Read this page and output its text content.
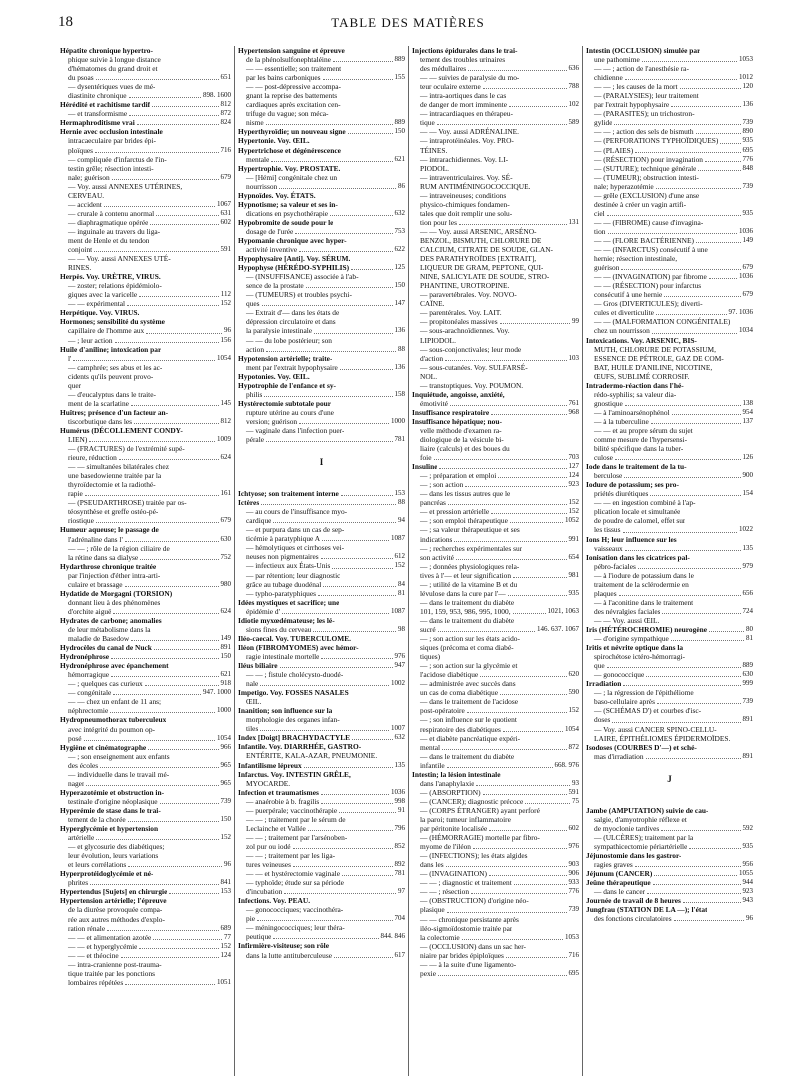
18	TABLE DES MATIÈRES
Hépatite chronique hypertro-
phique suivie à longue distance
d'hématomes du grand droit et
du psoas	651
— dysentériques vues de mé-
diastinite chronique	898. 1600
Hérédité et rachitisme tardif	812
— et transformisme	872
Hermaphroditisme vrai	824
Hernie avec occlusion intestinale
intracaeculaire par brides épi-
ploïques	716
— compliquée d'infarctus de l'in-
testin grêle; résection intesti-
nale; guérison	679
— Voy. aussi ANNEXES UTÉRINES,
CERVEAU.
— accident	1067
— crurale à contenu anormal	631
— diaphragmatique opérée	602
— inguinale au travers du liga-
ment de Henle et du tendon
conjoint	591
— — Voy. aussi ANNEXES UTÉ-
RINES.
Herpès. Voy. URÈTRE, VIRUS.
— zoster; relations épidémiolo-
giques avec la varicelle	112
— — expérimental	152
Herpétique. Voy. VIRUS.
Hormones; sensibilité du système
capillaire de l'homme aux	96
— ; leur action	156
Huile d'aniline; intoxication par
l'	1054
— camphrée; ses abus et les ac-
cidents qu'ils peuvent provo-
quer
— d'eucalyptus dans le traite-
ment de la scarlatine	145
Huîtres; présence d'un facteur an-
tiscorbutique dans les	812
Humérus (DÉCOLLEMENT CONDY-
LIEN)	1009
— (FRACTURES) de l'extrémité supé-
rieure, réduction	624
— — simultanées bilatérales chez
une basedowienne traitée par la
thyroïdectomie et la radiothé-
rapie	161
— (PSEUDARTHROSE) traitée par os-
téosynthèse et greffe ostéo-pé-
riostique	679
Humeur aqueuse; le passage de
l'adrénaline dans l'	630
— — ; rôle de la région ciliaire de
la rétine dans sa dialyse	752
Hydarthrose chronique traitée
par l'injection d'éther intra-arti-
culaire et brassage	980
Hydatide de Morgagni (TORSION)
donnant lieu à des phénomènes
d'orchite aiguë	624
Hydrates de carbone; anomalies
de leur métabolisme dans la
maladie de Basedow	149
Hydrocèles du canal de Nuck	891
Hydronéphrose	150
Hydronéphrose avec épanchement
hémorragique	621
— ; quelques cas curieux	918
— congénitale	947. 1000
— — chez un enfant de 11 ans;
néphrectomie	1000
Hydropneumothorax tuberculeux
avec intégrité du poumon op-
posé	1054
Hygiène et cinématographe	966
— ; son enseignement aux enfants
des écoles	965
— individuelle dans le travail mé-
nager	965
Hyperazotémie et obstruction in-
testinale d'origine néoplasique	739
Hyperémie de stase dans le trai-
tement de la chorée	150
Hyperglycémie et hypertension
artérielle	152
— et glycosurie des diabétiques;
leur évolution, leurs variations
et leurs corrélations	96
Hyperprotéidoglycémie et né-
phrites	841
Hypertendus [Sujets] en chirurgie	153
Hypertension artérielle; l'épreuve
de la diurèse provoquée compa-
rée aux autres méthodes d'explo-
ration rénale	689
— — et alimentation azotée	77
— — et hyperglycémie	152
— — et théocine	124
— intra-cranienne post-trauma-
tique traitée par les ponctions
lombaires répétées	1051
Hypertension sanguine et épreuve
de la phénolsulfonephtaléine	889
— — essentielle; son traitement
par les bains carboniques	155
— — post-dépressive accompa-
gnant la reprise des battements
cardiaques après excitation cen-
trifuge du vague; son méca-
nisme	889
Hyperthyroïdie; un nouveau signe	150
Hypertonie. Voy. ŒIL.
Hypertrichose et dégénérescence
mentale	621
Hypertrophie. Voy. PROSTATE.
— [Hémi] congénitale chez un
nourrisson	86
Hypnoïdes. Voy. ÉTATS.
Hypnotisme; sa valeur et ses in-
dications en psychothérapie	632
Hypobromite de soude pour le
dosage de l'urée	753
Hypomanie chronique avec hyper-
activité inventive	622
Hypophysaire [Anti]. Voy. SÉRUM.
Hypophyse (HÉRÉDO-SYPHILIS)	125
— (INSUFFISANCE) associée à l'ab-
sence de la prostate	150
— (TUMEURS) et troubles psychi-
ques	147
— Extrait d'— dans les états de
dépression circulatoire et dans
la paralysie intestinale	136
— — du lobe postérieur; son
action	88
Hypotension artérielle; traite-
ment par l'extrait hypophysaire	136
Hypotonies. Voy. ŒIL.
Hypotrophie de l'enfance et sy-
philis	158
Hystérectomie subtotale pour
rupture utérine au cours d'une
version; guérison	1000
— vaginale dans l'infection puer-
pérale	781
I
Ichtyose; son traitement interne	153
Ictères	88
— au cours de l'insuffisance myo-
cardique	94
— et purpura dans un cas de sep-
ticémie à paratyphique A	1087
— hémolytiques et cirrhoses vei-
neuses non pigmentaires	612
— infectieux aux États-Unis	152
— par rétention; leur diagnostic
grâce au tubage duodénal	84
— typho-paratyphiques	81
Idées mystiques et sacrifice; une
épidémie d'	1087
Idiotie myxœdémateuse; les lé-
sions fines du cerveau	98
Iléo-caecal. Voy. TUBERCULOME.
Iléon (FIBROMYOMES) avec hémor-
ragie intestinale mortelle	976
Iléus biliaire	947
— — ; fistule cholécysto-duodé-
nale	1002
Impetigo. Voy. FOSSES NASALES
ŒIL.
Inanition; son influence sur la
morphologie des organes infan-
tiles	1007
Index [Doigt] BRACHYDACTYLE	632
Infantile. Voy. DIARRHÉE, GASTRO-
ENTÉRITE, KALA-AZAR, PNEUMONIE.
Infantilisme lépreux	135
Infarctus. Voy. INTESTIN GRÊLE,
MYOCARDE.
Infection et traumatismes	1036
— anaérobie à b. fragilis	998
— puerpérale; vaccinothérapie	91
— — ; traitement par le sérum de
Leclainche et Vallée	796
— — ; traitement par l'arsénoben-
zol pur ou iodé	852
— — ; traitement par les liga-
tures veineuses	892
— — et hystérectomie vaginale	781
— typhoïde; étude sur sa période
d'incubation	97
Infections. Voy. PEAU.
— gonococciques; vaccinothéra-
pie	704
— méningococciques; leur théra-
peutique	844. 846
Infirmière-visiteuse; son rôle
dans la lutte antituberculeuse	617
Injections épidurales dans le trai-
tement des troubles urinaires
des médullaires	636
— — suivies de paralysie du mo-
teur oculaire externe	788
— intra-aortiques dans le cas
de danger de mort imminente	102
— intracardiaques en thérapeu-
tique	589
— — Voy. aussi ADRÉNALINE.
— intraprotéinéales. Voy. PRO-
TÉINES.
— intrarachidiennes. Voy. LI-
PIODOL.
— intraventriculaires. Voy. SÉ-
RUM ANTIMÉNINGOCOCCIQUE.
— intraveineuses; conditions
physico-chimiques fondamen-
tales que doit remplir une solu-
tion pour les	131
— — Voy. aussi ARSENIC, ARSÉNO-
BENZOL, BISMUTH, CHLORURE DE
CALCIUM, CITRATE DE SOUDE, GLAN-
DES PARATHYROÏDES [EXTRAIT],
LIQUEUR DE GRAM, PEPTONE, QUI-
NINE, SALICYLATE DE SOUDE, STRO-
PHANTINE, UROTROPINE.
— paravertébrales. Voy. NOVO-
CAÏNE.
— parentérales. Voy. LAIT.
— propitonéales massives	99
— sous-arachnoïdiennes. Voy.
LIPIODOL.
— sous-conjonctivales; leur mode
d'action	103
— sous-cutanées. Voy. SULFARSÉ-
NOL.
— transtoptiques. Voy. POUMON.
Inquiétude, angoisse, anxiété,
émotivité	761
Insuffisance respiratoire	968
Insuffisance hépatique; nou-
velle méthode d'examen ra-
diologique de la vésicule bi-
liaire (calculs) et des boues du
foie	703
Insuline	127
— ; préparation et emploi	124
— ; son action	923
— dans les tissus autres que le
pancréas	152
— et pression artérielle	152
— ; son emploi thérapeutique	1052
— ; sa valeur thérapeutique et ses
indications	991
— ; recherches expérimentales sur
son activité	654
— ; données physiologiques rela-
tives à l'— et leur signification	981
— ; utilité de la vitamine B et du
lévulose dans la cure par l'—	935
— dans le traitement du diabète
101, 159, 953, 986, 995, 1000,	1021, 1063
— dans le traitement du diabète
sucré	146. 637. 1067
— ; son action sur les états acido-
siques (précoma et coma diabé-
tiques)
— ; son action sur la glycémie et
l'acidose diabétique	620
— administrée avec succès dans
un cas de coma diabétique	590
— dans le traitement de l'acidose
post-opératoire	152
— ; son influence sur le quotient
respiratoire des diabétiques	1054
— et diabète pancréatique expéri-
mental	872
— dans le traitement du diabète
infantile	668. 976
Intestin; la lésion intestinale
dans l'anaphylaxie	93
— (ABSORPTION)	591
— (CANCER); diagnostic précoce	75
— (CORPS ÉTRANGER) ayant perforé
la paroi; tumeur inflammatoire
par péritonite localisée	602
— (HÉMORRAGIE) mortelle par fibro-
myome de l'iléon	976
— (INFECTIONS); les états algides
dans les	903
— (INVAGINATION)	906
— — ; diagnostic et traitement	933
— — ; résection	776
— (OBSTRUCTION) d'origine néo-
plasique	739
— — chronique persistante après
iléo-sigmoïdostomie traitée par
la colectomie	1053
— (OCCLUSION) dans un sac her-
niaire par brides épiploïques	716
— — à la suite d'une ligamento-
pexie	695
Intestin (OCCLUSION) simulée par
une pathomime	1053
— — ; action de l'anesthésie ra-
chidienne	1012
— — ; les causes de la mort	120
— (PARALYSIES); leur traitement
par l'extrait hypophysaire	136
— (PARASITES); un trichostron-
gylide	739
— — ; action des sels de bismuth	890
— (PERFORATIONS TYPHOÏDIQUES)	935
— (PLAIES)	695
— (RÉSECTION) pour invagination	776
— (SUTURE); technique générale	848
— (TUMEUR); obstruction intesti-
nale; hyperazotémie	739
— grêle (EXCLUSION) d'une anse
destinée à créer un vagin artifi-
ciel	935
— — (FIBROME) cause d'invagina-
tion	1036
— — (FLORE BACTÉRIENNE)	149
— — (INFARCTUS) consécutif à une
hernie; résection intestinale,
guérison	679
— — (INVAGINATION) par fibrome	1036
— — (RÉSECTION) pour infarctus
consécutif à une hernie	679
— Gros (DIVERTICULES); diverti-
cules et diverticulite	97. 1036
— — (MALFORMATION CONGÉNITALE)
chez un nourrisson	1034
Intoxications. Voy. ARSENIC, BIS-
MUTH, CHLORURE DE POTASSIUM,
ESSENCE DE PÉTROLE, GAZ DE COM-
BAT, HUILE D'ANILINE, NICOTINE,
ŒUFS, SUBLIMÉ CORROSIF.
Intradermo-réaction dans l'hé-
rédo-syphilis; sa valeur dia-
gnostique	138
— à l'aminoarsénophénol	954
— à la tuberculine	137
— — et au propre sérum du sujet
comme mesure de l'hypersensi-
bilité spécifique dans la tuber-
culose	126
Iode dans le traitement de la tu-
berculose	900
Iodure de potassium; ses pro-
priétés diurétiques	154
— — en ingestion combiné à l'ap-
plication locale et simultanée
de poudre de calomel, effet sur
les tissus	1022
Ions H; leur influence sur les
vaisseaux	135
Ionisation dans les cicatrices pal-
pébro-faciales	979
— à l'iodure de potassium dans le
traitement de la sclérodermie en
plaques	656
— à l'aconitine dans le traitement
des névralgies faciales	724
— — Voy. aussi ŒIL.
Iris (HÉTÉROCHROMIE) neurogène	80
— d'origine sympathique	81
Iritis et névrite optique dans la
spirochétose ictéro-hémorragi-
que	889
— gonococcique	630
Irradiation	999
— ; la régression de l'épithéliome
baso-cellulaire après	739
— (SCHÉMAS D') et courbes d'isc-
doses	891
— Voy. aussi CANCER SPINO-CELLU-
LAIRE, ÉPITHÉLIOMES ÉPIDERMOÏDES.
Isodoses (COURBES D'—) et sché-
mas d'irradiation	891
J
Jambe (AMPUTATION) suivie de cau-
salgie, d'amyotrophie réflexe et
de myoclonie tardives	592
— (ULCÈRES); traitement par la
sympathicectomie périartérielle	935
Jéjunostomie dans les gastror-
ragies graves	956
Jéjunum (CANCER)	1055
Jeûne thérapeutique	944
— dans le cancer	923
Journée de travail de 8 heures	943
Jungfrau (STATION DE LA —); l'état
des fonctions circulatoires	96
